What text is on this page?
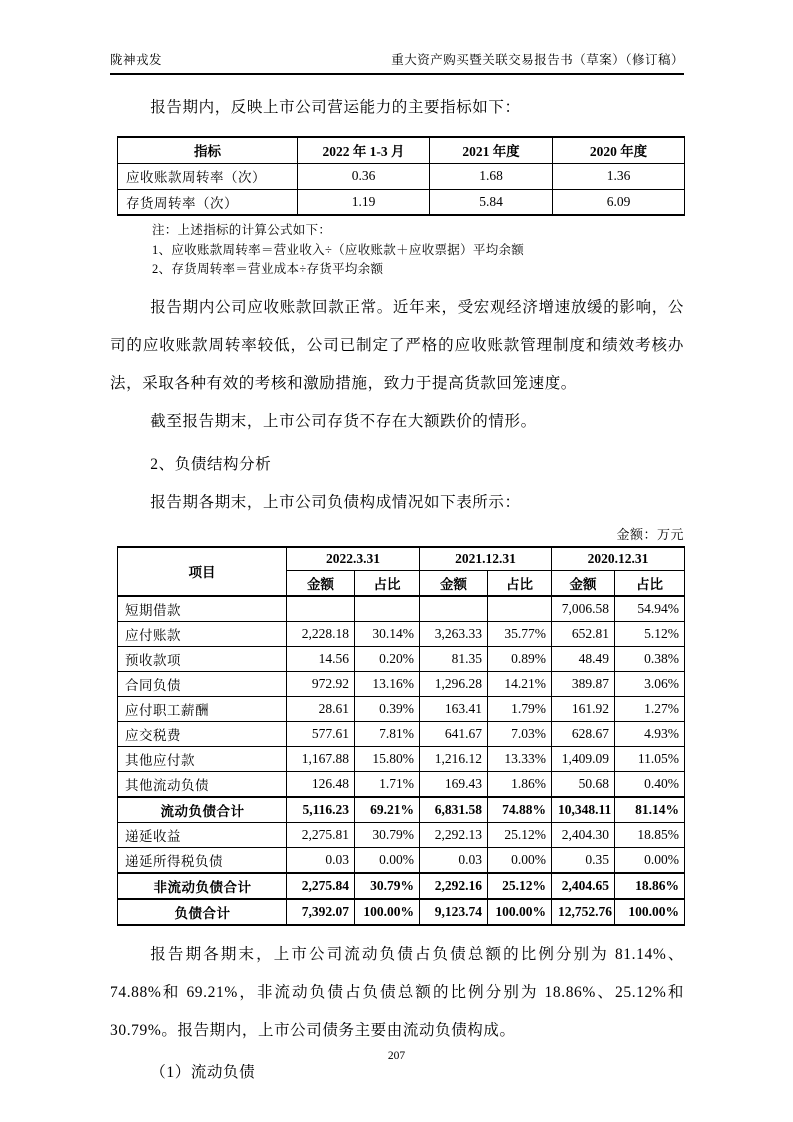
陇神戎发	重大资产购买暨关联交易报告书（草案）（修订稿）

报告期内，反映上市公司营运能力的主要指标如下：

指标	2022 年 1-3 月	2021 年度	2020 年度
应收账款周转率（次）	0.36	1.68	1.36
存货周转率（次）	1.19	5.84	6.09
注：上述指标的计算公式如下：
1、应收账款周转率＝营业收入÷（应收账款＋应收票据）平均余额
2、存货周转率＝营业成本÷存货平均余额

报告期内公司应收账款回款正常。近年来，受宏观经济增速放缓的影响，公司的应收账款周转率较低，公司已制定了严格的应收账款管理制度和绩效考核办法，采取各种有效的考核和激励措施，致力于提高货款回笼速度。

截至报告期末，上市公司存货不存在大额跌价的情形。

2、负债结构分析

报告期各期末，上市公司负债构成情况如下表所示：

金额：万元
项目	2022.3.31		2021.12.31		2020.12.31	
	金额	占比	金额	占比	金额	占比
短期借款					7,006.58	54.94%
应付账款	2,228.18	30.14%	3,263.33	35.77%	652.81	5.12%
预收款项	14.56	0.20%	81.35	0.89%	48.49	0.38%
合同负债	972.92	13.16%	1,296.28	14.21%	389.87	3.06%
应付职工薪酬	28.61	0.39%	163.41	1.79%	161.92	1.27%
应交税费	577.61	7.81%	641.67	7.03%	628.67	4.93%
其他应付款	1,167.88	15.80%	1,216.12	13.33%	1,409.09	11.05%
其他流动负债	126.48	1.71%	169.43	1.86%	50.68	0.40%
流动负债合计	5,116.23	69.21%	6,831.58	74.88%	10,348.11	81.14%
递延收益	2,275.81	30.79%	2,292.13	25.12%	2,404.30	18.85%
递延所得税负债	0.03	0.00%	0.03	0.00%	0.35	0.00%
非流动负债合计	2,275.84	30.79%	2,292.16	25.12%	2,404.65	18.86%
负债合计	7,392.07	100.00%	9,123.74	100.00%	12,752.76	100.00%

报告期各期末，上市公司流动负债占负债总额的比例分别为 81.14%、74.88%和 69.21%，非流动负债占负债总额的比例分别为 18.86%、25.12%和 30.79%。报告期内，上市公司债务主要由流动负债构成。

（1）流动负债

207
